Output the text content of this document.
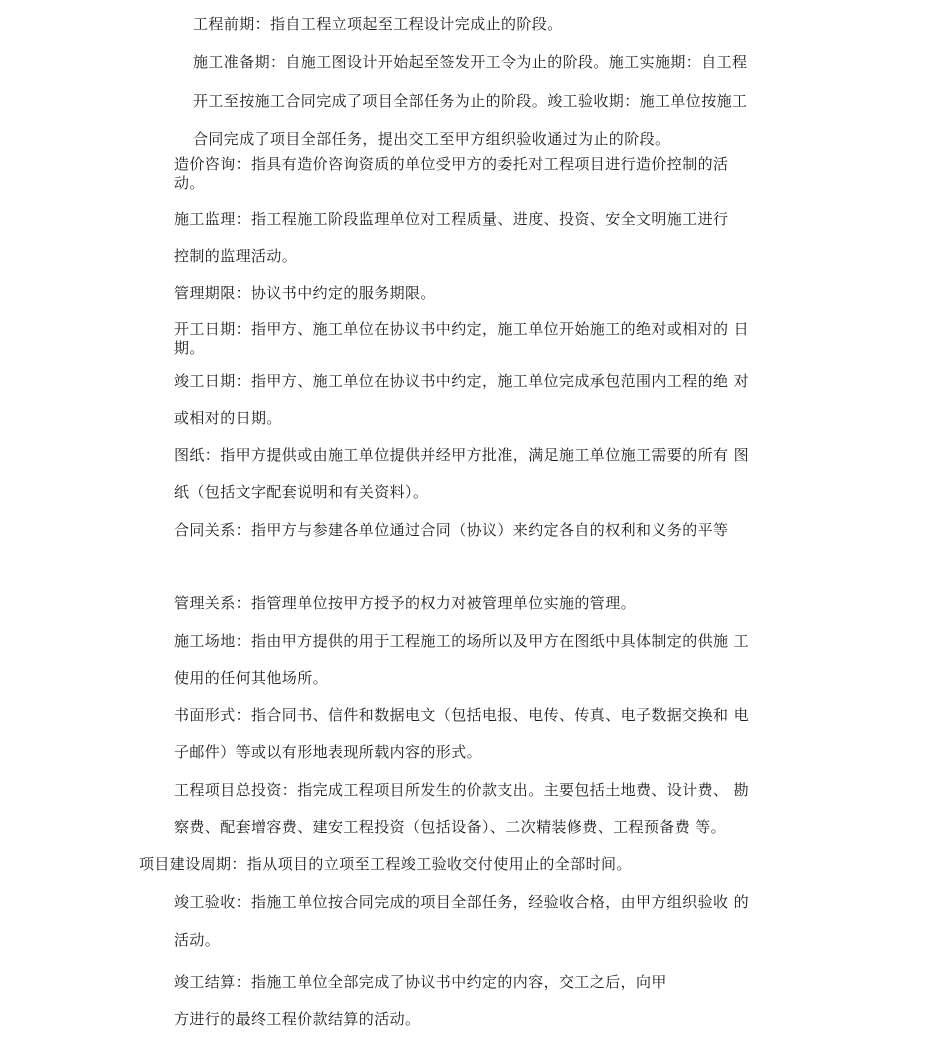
工程前期：指自工程立项起至工程设计完成止的阶段。
施工准备期：自施工图设计开始起至签发开工令为止的阶段。施工实施期：自工程
开工至按施工合同完成了项目全部任务为止的阶段。竣工验收期：施工单位按施工
合同完成了项目全部任务，提出交工至甲方组织验收通过为止的阶段。
造价咨询：指具有造价咨询资质的单位受甲方的委托对工程项目进行造价控制的活
动。
施工监理：指工程施工阶段监理单位对工程质量、进度、投资、安全文明施工进行
控制的监理活动。
管理期限：协议书中约定的服务期限。
开工日期：指甲方、施工单位在协议书中约定，施工单位开始施工的绝对或相对的 日
期。
竣工日期：指甲方、施工单位在协议书中约定，施工单位完成承包范围内工程的绝 对
或相对的日期。
图纸：指甲方提供或由施工单位提供并经甲方批准，满足施工单位施工需要的所有 图
纸（包括文字配套说明和有关资料）。
合同关系：指甲方与参建各单位通过合同（协议）来约定各自的权利和义务的平等
管理关系：指管理单位按甲方授予的权力对被管理单位实施的管理。
施工场地：指由甲方提供的用于工程施工的场所以及甲方在图纸中具体制定的供施 工
使用的任何其他场所。
书面形式：指合同书、信件和数据电文（包括电报、电传、传真、电子数据交换和 电
子邮件）等或以有形地表现所载内容的形式。
工程项目总投资：指完成工程项目所发生的价款支出。主要包括土地费、设计费、 勘
察费、配套增容费、建安工程投资（包括设备）、二次精装修费、工程预备费 等。
项目建设周期：指从项目的立项至工程竣工验收交付使用止的全部时间。
竣工验收：指施工单位按合同完成的项目全部任务，经验收合格，由甲方组织验收 的
活动。
竣工结算：指施工单位全部完成了协议书中约定的内容，交工之后，向甲
方进行的最终工程价款结算的活动。
